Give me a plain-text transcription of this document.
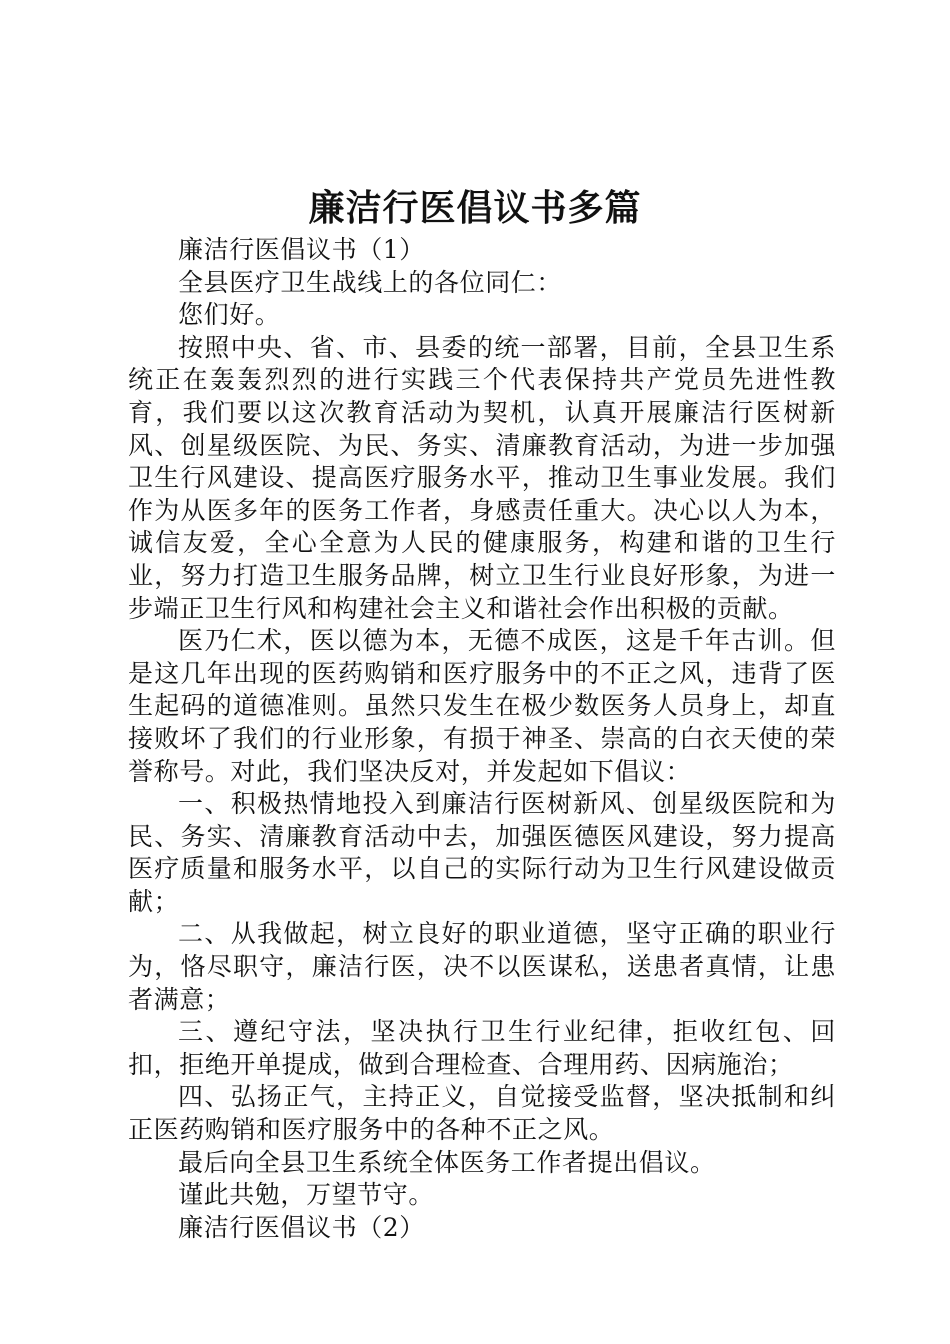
廉洁行医倡议书多篇

廉洁行医倡议书（1）

全县医疗卫生战线上的各位同仁：

您们好。

按照中央、省、市、县委的统一部署，目前，全县卫生系统正在轰轰烈烈的进行实践三个代表保持共产党员先进性教育，我们要以这次教育活动为契机，认真开展廉洁行医树新风、创星级医院、为民、务实、清廉教育活动，为进一步加强卫生行风建设、提高医疗服务水平，推动卫生事业发展。我们作为从医多年的医务工作者，身感责任重大。决心以人为本，诚信友爱，全心全意为人民的健康服务，构建和谐的卫生行业，努力打造卫生服务品牌，树立卫生行业良好形象，为进一步端正卫生行风和构建社会主义和谐社会作出积极的贡献。

医乃仁术，医以德为本，无德不成医，这是千年古训。但是这几年出现的医药购销和医疗服务中的不正之风，违背了医生起码的道德准则。虽然只发生在极少数医务人员身上，却直接败坏了我们的行业形象，有损于神圣、崇高的白衣天使的荣誉称号。对此，我们坚决反对，并发起如下倡议：

一、积极热情地投入到廉洁行医树新风、创星级医院和为民、务实、清廉教育活动中去，加强医德医风建设，努力提高医疗质量和服务水平，以自己的实际行动为卫生行风建设做贡献；

二、从我做起，树立良好的职业道德，坚守正确的职业行为，恪尽职守，廉洁行医，决不以医谋私，送患者真情，让患者满意；

三、遵纪守法，坚决执行卫生行业纪律，拒收红包、回扣，拒绝开单提成，做到合理检查、合理用药、因病施治；

四、弘扬正气，主持正义，自觉接受监督，坚决抵制和纠正医药购销和医疗服务中的各种不正之风。

最后向全县卫生系统全体医务工作者提出倡议。

谨此共勉，万望节守。

廉洁行医倡议书（2）
